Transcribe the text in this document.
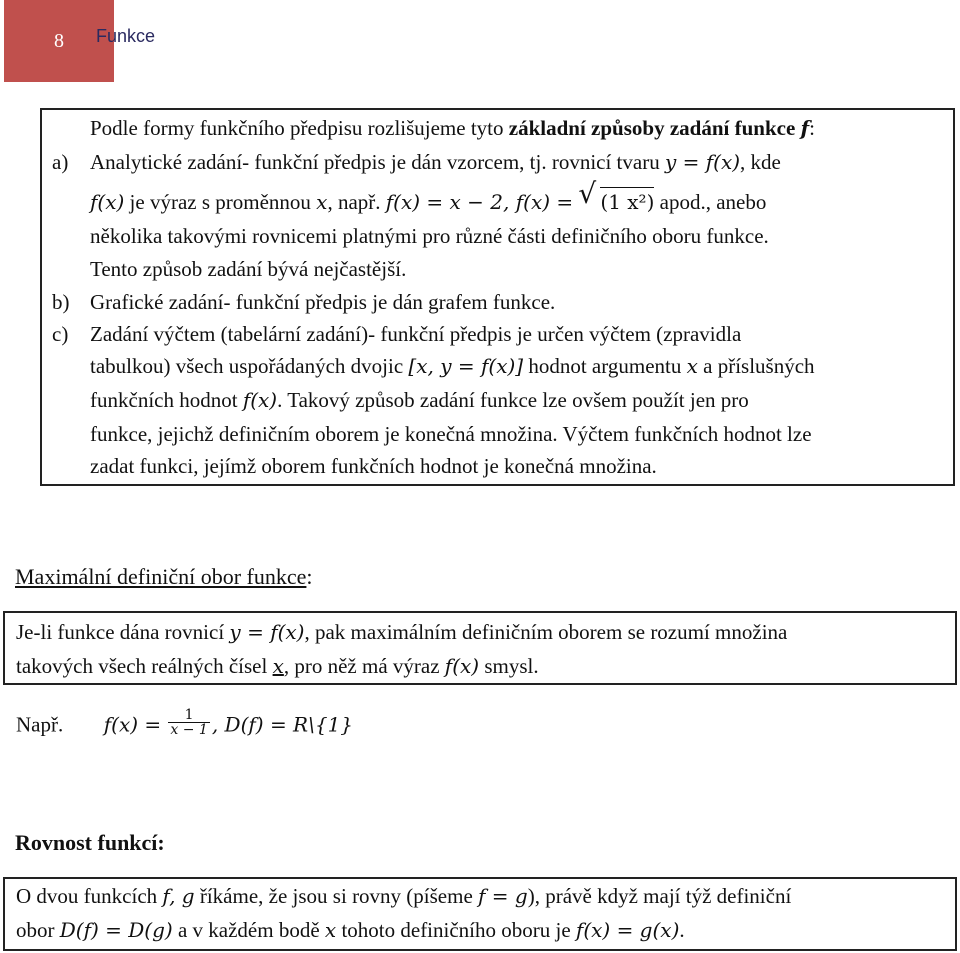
8 Funkce
Podle formy funkčního předpisu rozlišujeme tyto základní způsoby zadání funkce 𝒇:
a) Analytické zadání- funkční předpis je dán vzorcem, tj. rovnicí tvaru y = f(x), kde
f(x) je výraz s proměnnou x, např. f(x) = x − 2, f(x) = √ (1 x²) apod., anebo
několika takovými rovnicemi platnými pro různé části definičního oboru funkce.
Tento způsob zadání bývá nejčastější.
b) Grafické zadání- funkční předpis je dán grafem funkce.
c) Zadání výčtem (tabelární zadání)- funkční předpis je určen výčtem (zpravidla
tabulkou) všech uspořádaných dvojic [x, y = f(x)] hodnot argumentu x a příslušných
funkčních hodnot f(x). Takový způsob zadání funkce lze ovšem použít jen pro
funkce, jejichž definičním oborem je konečná množina. Výčtem funkčních hodnot lze
zadat funkci, jejímž oborem funkčních hodnot je konečná množina.
Maximální definiční obor funkce:
Je-li funkce dána rovnicí y = f(x), pak maximálním definičním oborem se rozumí množina
takových všech reálných čísel x, pro něž má výraz f(x) smysl.
Např. $f(x) = \frac{1}{x - 1}$ , D(f) = R\{1}
Rovnost funkcí:
O dvou funkcích f, g říkáme, že jsou si rovny (píšeme f = g), právě když mají týž definiční
obor D(f) = D(g) a v každém bodě x tohoto definičního oboru je f(x) = g(x).
